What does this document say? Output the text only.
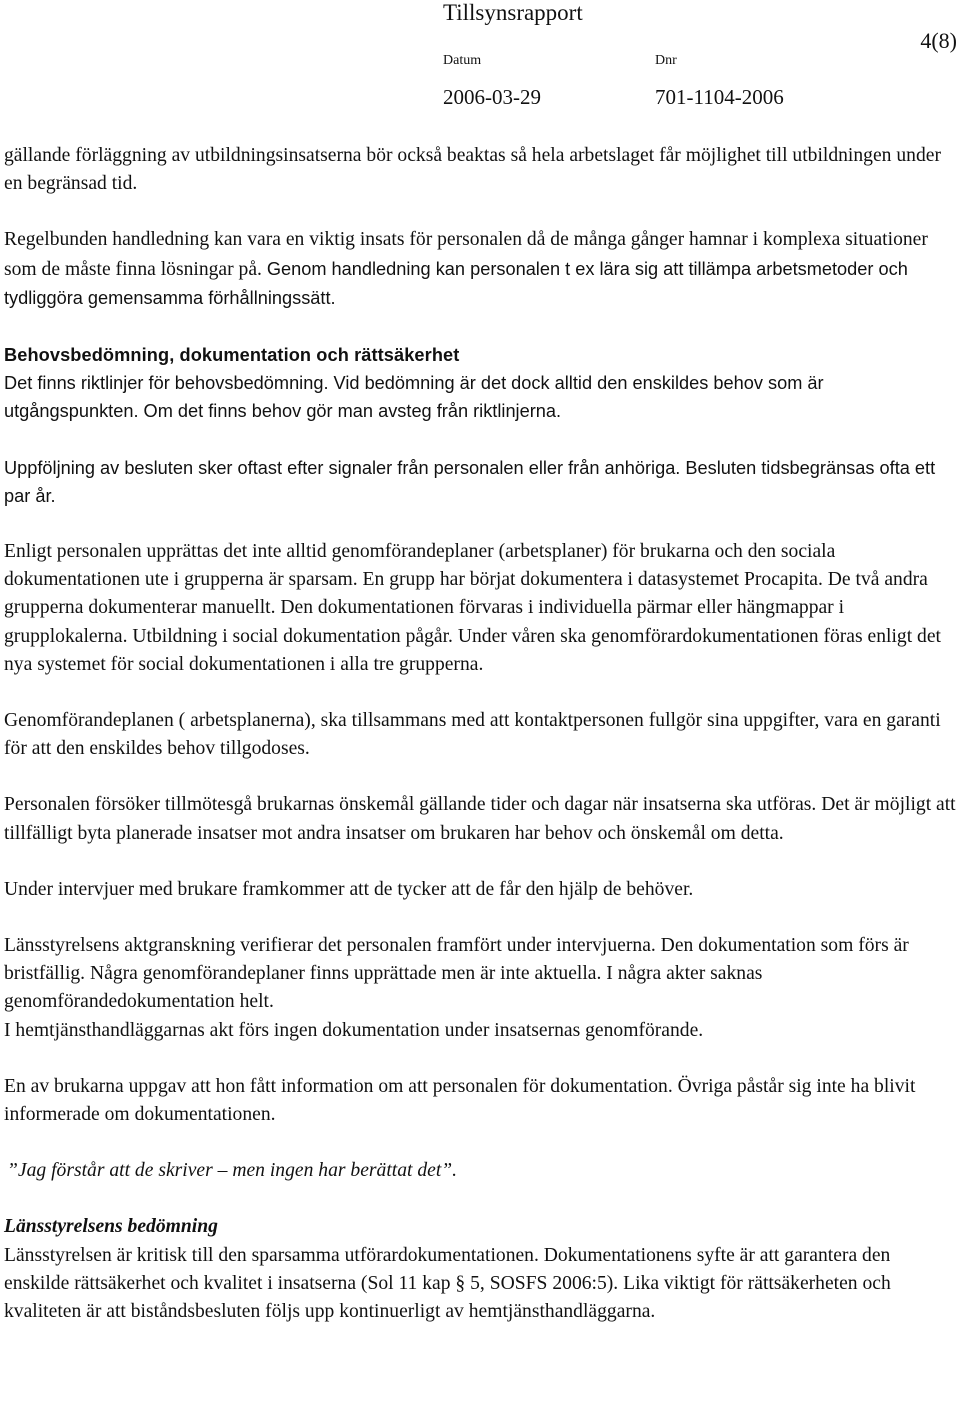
Tillsynsrapport
4(8)
Datum	Dnr
2006-03-29	701-1104-2006

gällande förläggning av utbildningsinsatserna bör också beaktas så hela arbetslaget får möjlighet till utbildningen under en begränsad tid.

Regelbunden handledning kan vara en viktig insats för personalen då de många gånger hamnar i komplexa situationer som de måste finna lösningar på. Genom handledning kan personalen t ex lära sig att tillämpa arbetsmetoder och tydliggöra gemensamma förhållningssätt.

Behovsbedömning, dokumentation och rättsäkerhet

Det finns riktlinjer för behovsbedömning. Vid bedömning är det dock alltid den enskildes behov som är utgångspunkten. Om det finns behov gör man avsteg från riktlinjerna.

Uppföljning av besluten sker oftast efter signaler från personalen eller från anhöriga. Besluten tidsbegränsas ofta ett par år.

Enligt personalen upprättas det inte alltid genomförandeplaner (arbetsplaner) för brukarna och den sociala dokumentationen ute i grupperna är sparsam. En grupp har börjat dokumentera i datasystemet Procapita. De två andra grupperna dokumenterar manuellt. Den dokumentationen förvaras i individuella pärmar eller hängmappar i grupplokalerna. Utbildning i social dokumentation pågår. Under våren ska genomförardokumentationen föras enligt det nya systemet för social dokumentationen i alla tre grupperna.

Genomförandeplanen ( arbetsplanerna), ska tillsammans med att kontaktpersonen fullgör sina uppgifter, vara en garanti för att den enskildes behov tillgodoses.

Personalen försöker tillmötesgå brukarnas önskemål gällande tider och dagar när insatserna ska utföras. Det är möjligt att tillfälligt byta planerade insatser mot andra insatser om brukaren har behov och önskemål om detta.

Under intervjuer med brukare framkommer att de tycker att de får den hjälp de behöver.

Länsstyrelsens aktgranskning verifierar det personalen framfört under intervjuerna. Den dokumentation som förs är bristfällig. Några genomförandeplaner finns upprättade men är inte aktuella. I några akter saknas genomförandedokumentation helt.

I hemtjänsthandläggarnas akt förs ingen dokumentation under insatsernas genomförande.

En av brukarna uppgav att hon fått information om att personalen för dokumentation. Övriga påstår sig inte ha blivit informerade om dokumentationen.

”Jag förstår att de skriver – men ingen har berättat det”.

Länsstyrelsens bedömning

Länsstyrelsen är kritisk till den sparsamma utförardokumentationen. Dokumentationens syfte är att garantera den enskilde rättsäkerhet och kvalitet i insatserna (Sol 11 kap § 5, SOSFS 2006:5). Lika viktigt för rättsäkerheten och kvaliteten är att biståndsbesluten följs upp kontinuerligt av hemtjänsthandläggarna.
